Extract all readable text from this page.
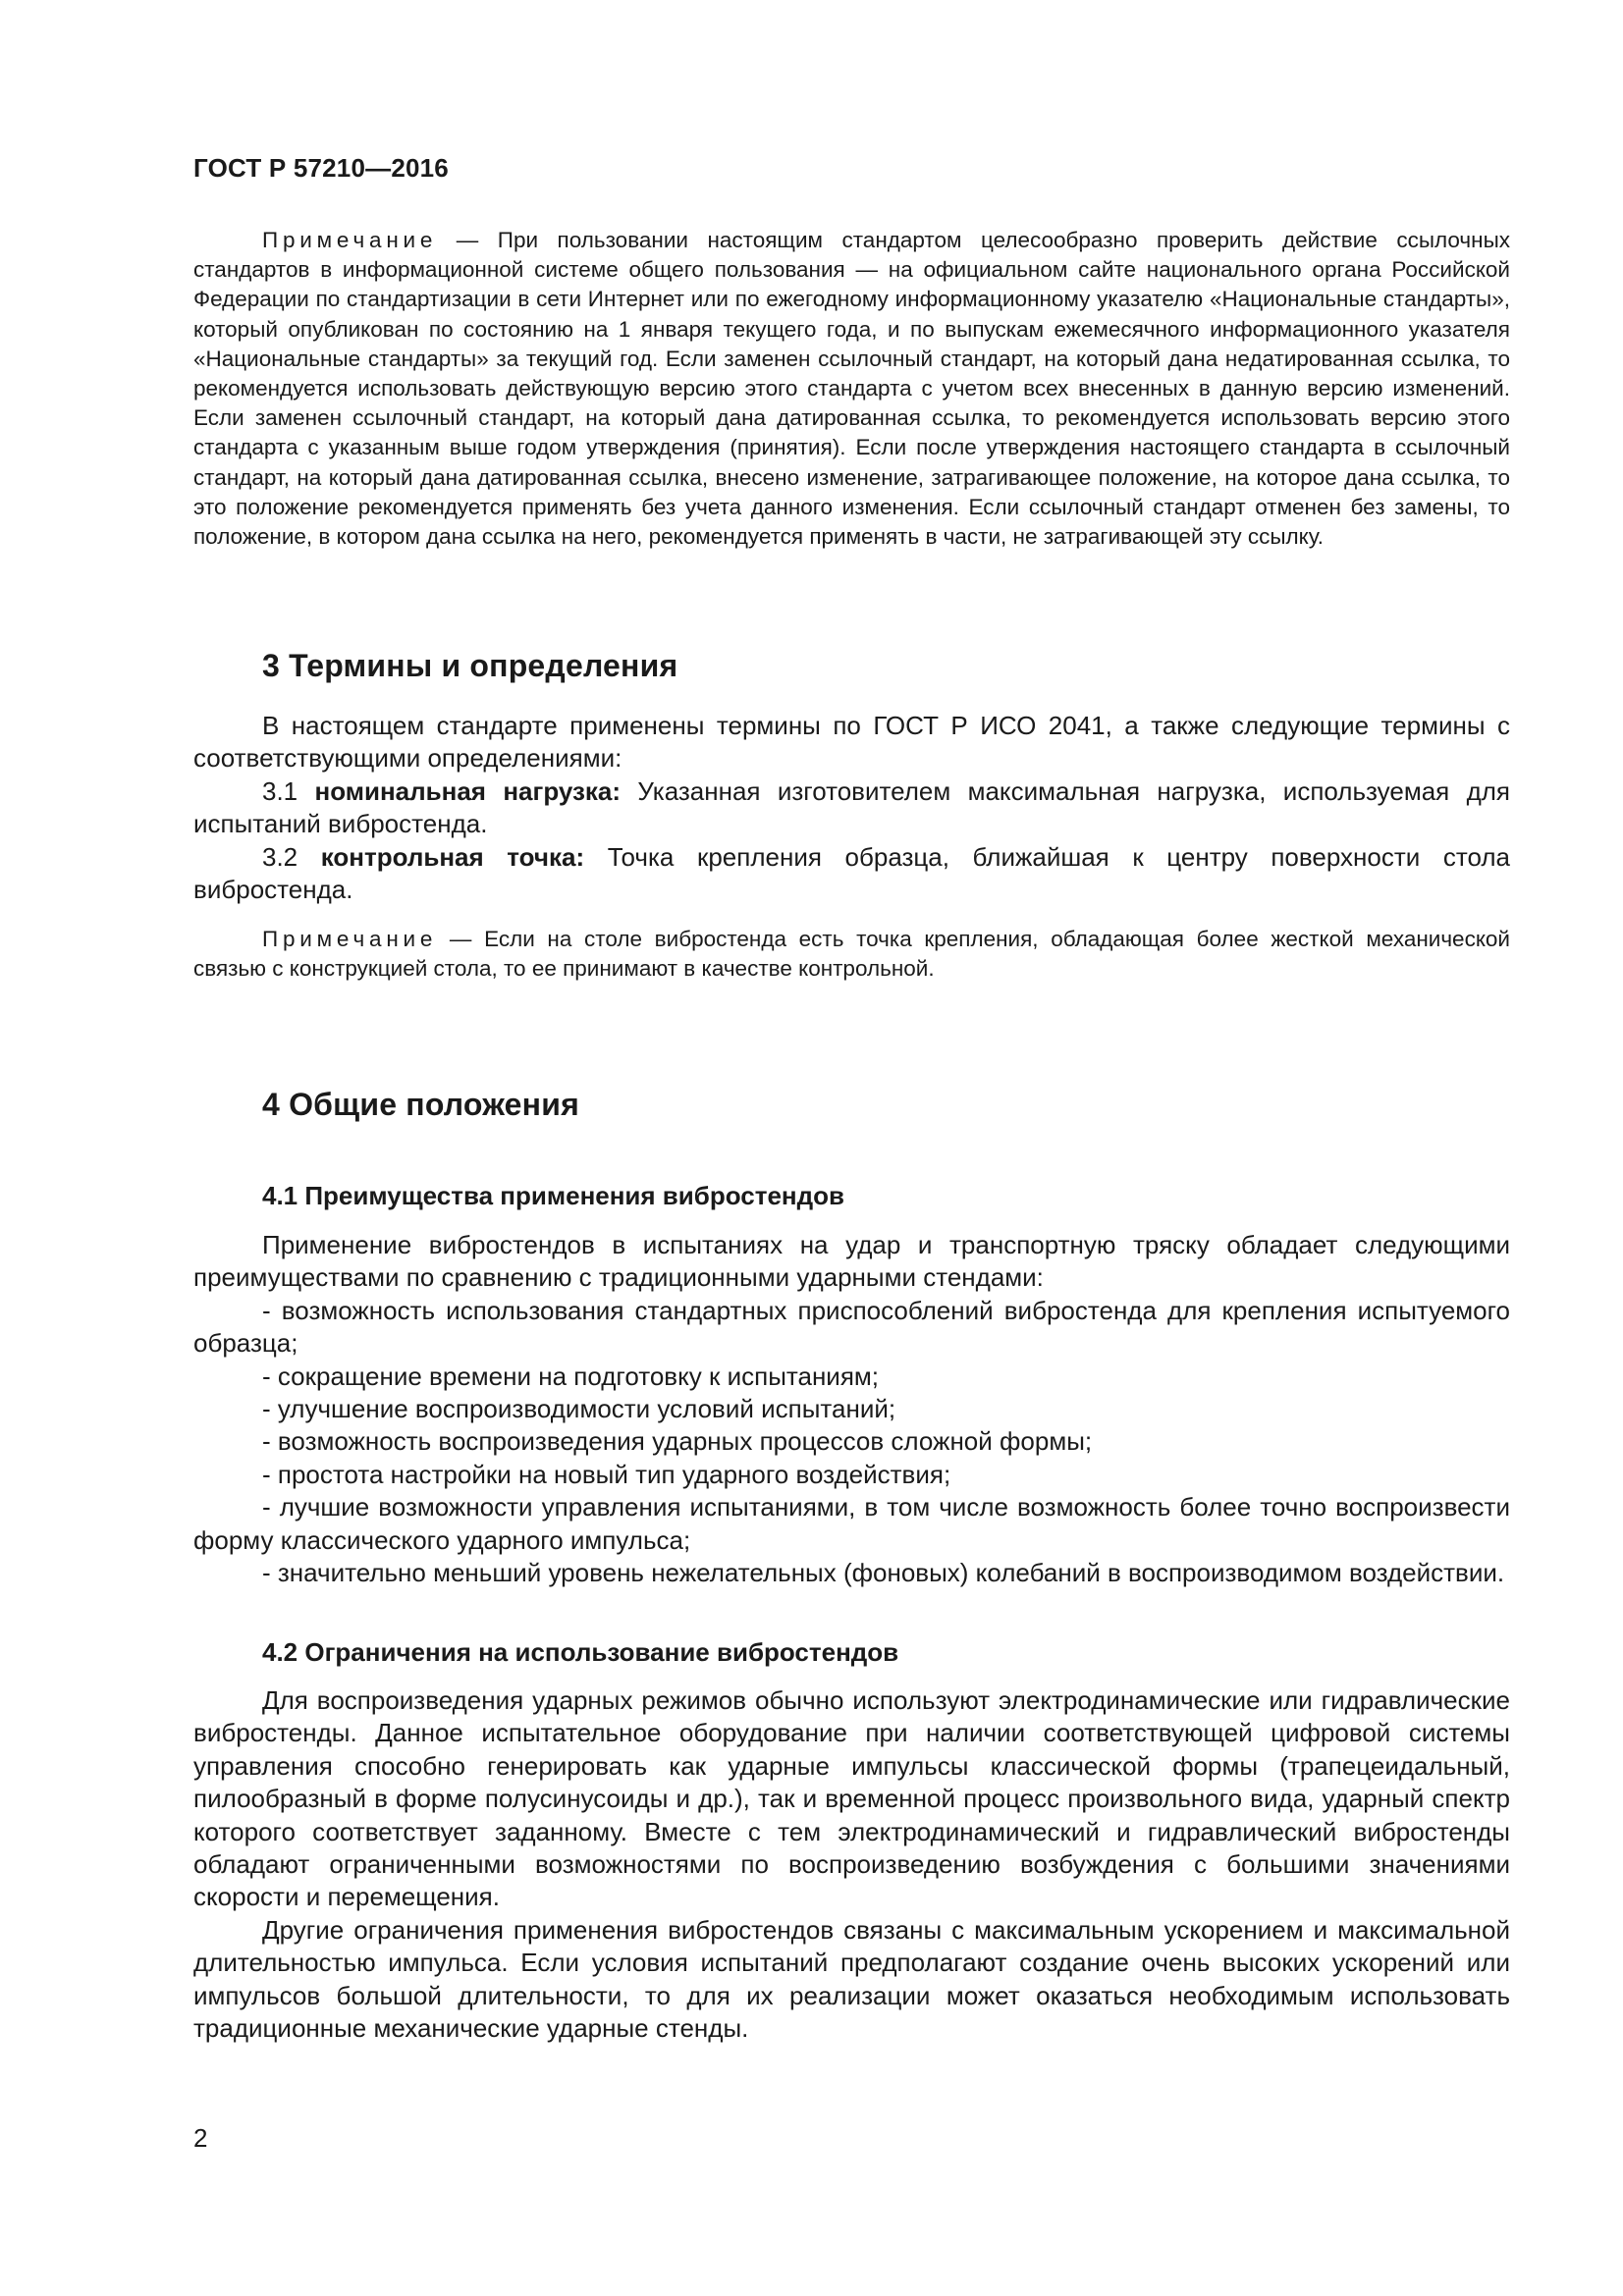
ГОСТ Р 57210—2016

Примечание — При пользовании настоящим стандартом целесообразно проверить действие ссылочных стандартов в информационной системе общего пользования — на официальном сайте национального органа Российской Федерации по стандартизации в сети Интернет или по ежегодному информационному указателю «Национальные стандарты», который опубликован по состоянию на 1 января текущего года, и по выпускам ежемесячного информационного указателя «Национальные стандарты» за текущий год. Если заменен ссылочный стандарт, на который дана недатированная ссылка, то рекомендуется использовать действующую версию этого стандарта с учетом всех внесенных в данную версию изменений. Если заменен ссылочный стандарт, на который дана датированная ссылка, то рекомендуется использовать версию этого стандарта с указанным выше годом утверждения (принятия). Если после утверждения настоящего стандарта в ссылочный стандарт, на который дана датированная ссылка, внесено изменение, затрагивающее положение, на которое дана ссылка, то это положение рекомендуется применять без учета данного изменения. Если ссылочный стандарт отменен без замены, то положение, в котором дана ссылка на него, рекомендуется применять в части, не затрагивающей эту ссылку.

3 Термины и определения

В настоящем стандарте применены термины по ГОСТ Р ИСО 2041, а также следующие термины с соответствующими определениями:

3.1 номинальная нагрузка: Указанная изготовителем максимальная нагрузка, используемая для испытаний вибростенда.

3.2 контрольная точка: Точка крепления образца, ближайшая к центру поверхности стола вибростенда.

Примечание — Если на столе вибростенда есть точка крепления, обладающая более жесткой механической связью с конструкцией стола, то ее принимают в качестве контрольной.

4 Общие положения
4.1 Преимущества применения вибростендов

Применение вибростендов в испытаниях на удар и транспортную тряску обладает следующими преимуществами по сравнению с традиционными ударными стендами:

- возможность использования стандартных приспособлений вибростенда для крепления испытуемого образца;

- сокращение времени на подготовку к испытаниям;

- улучшение воспроизводимости условий испытаний;

- возможность воспроизведения ударных процессов сложной формы;

- простота настройки на новый тип ударного воздействия;

- лучшие возможности управления испытаниями, в том числе возможность более точно воспроизвести форму классического ударного импульса;

- значительно меньший уровень нежелательных (фоновых) колебаний в воспроизводимом воздействии.

4.2 Ограничения на использование вибростендов

Для воспроизведения ударных режимов обычно используют электродинамические или гидравлические вибростенды. Данное испытательное оборудование при наличии соответствующей цифровой системы управления способно генерировать как ударные импульсы классической формы (трапецеидальный, пилообразный в форме полусинусоиды и др.), так и временной процесс произвольного вида, ударный спектр которого соответствует заданному. Вместе с тем электродинамический и гидравлический вибростенды обладают ограниченными возможностями по воспроизведению возбуждения с большими значениями скорости и перемещения.

Другие ограничения применения вибростендов связаны с максимальным ускорением и максимальной длительностью импульса. Если условия испытаний предполагают создание очень высоких ускорений или импульсов большой длительности, то для их реализации может оказаться необходимым использовать традиционные механические ударные стенды.

2
